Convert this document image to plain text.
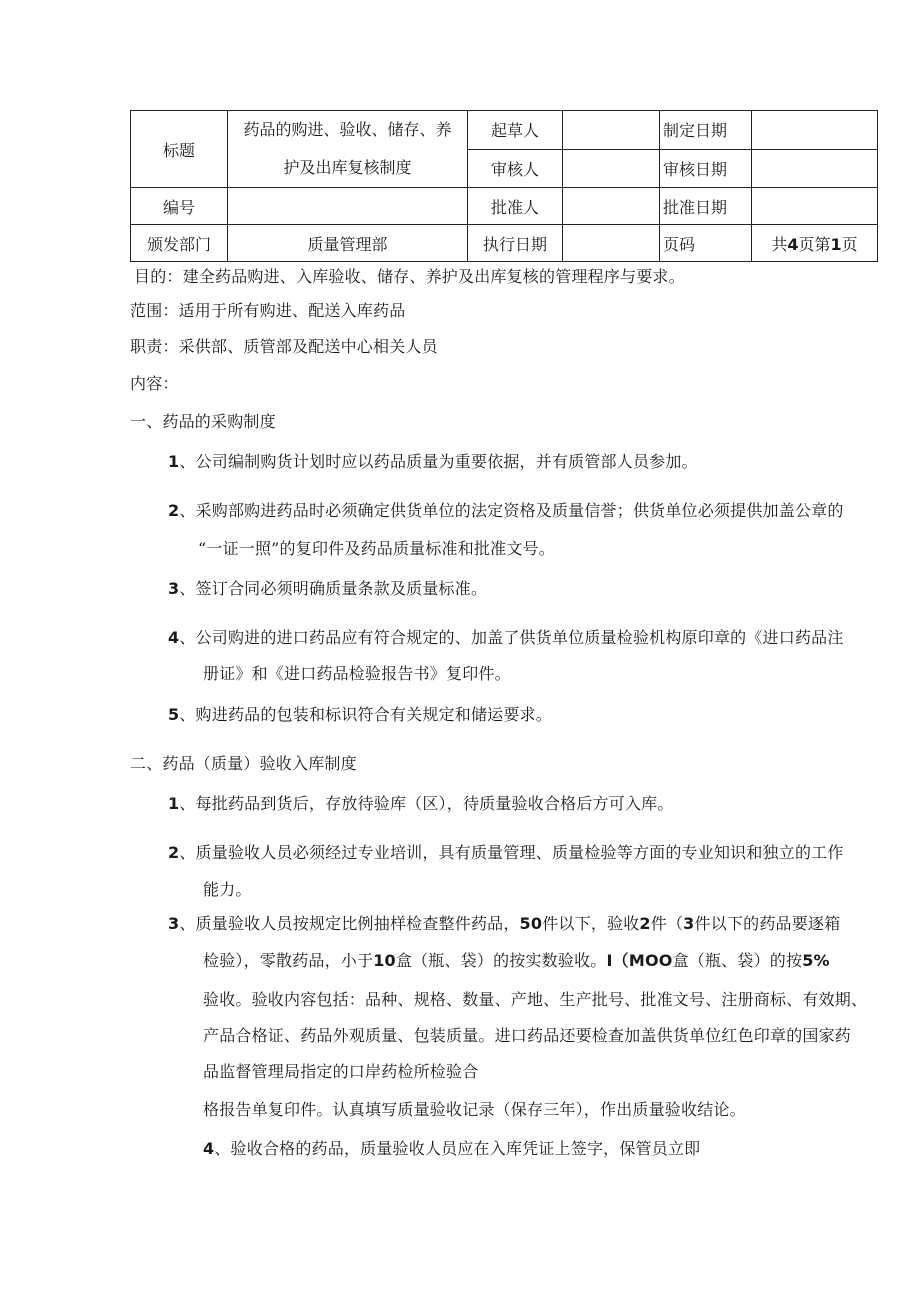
标题	药品的购进、验收、储存、养
护及出库复核制度	起草人		制定日期	
		审核人		审核日期	
编号		批准人		批准日期	
颁发部门	质量管理部	执行日期		页码	共4页第1页
目的：建全药品购进、入库验收、储存、养护及出库复核的管理程序与要求。
范围：适用于所有购进、配送入库药品
职责：采供部、质管部及配送中心相关人员
内容：
一、药品的采购制度
1、公司编制购货计划时应以药品质量为重要依据，并有质管部人员参加。
2、采购部购进药品时必须确定供货单位的法定资格及质量信誉；供货单位必须提供加盖公章的
“一证一照”的复印件及药品质量标准和批准文号。
3、签订合同必须明确质量条款及质量标准。
4、公司购进的进口药品应有符合规定的、加盖了供货单位质量检验机构原印章的《进口药品注
册证》和《进口药品检验报告书》复印件。
5、购进药品的包装和标识符合有关规定和储运要求。
二、药品（质量）验收入库制度
1、每批药品到货后，存放待验库（区），待质量验收合格后方可入库。
2、质量验收人员必须经过专业培训，具有质量管理、质量检验等方面的专业知识和独立的工作
能力。
3、质量验收人员按规定比例抽样检查整件药品，50件以下，验收2件（3件以下的药品要逐箱
检验），零散药品，小于10盒（瓶、袋）的按实数验收。I（MOO盒（瓶、袋）的按5%
验收。验收内容包括：品种、规格、数量、产地、生产批号、批准文号、注册商标、有效期、
产品合格证、药品外观质量、包装质量。进口药品还要检查加盖供货单位红色印章的国家药
品监督管理局指定的口岸药检所检验合
格报告单复印件。认真填写质量验收记录（保存三年），作出质量验收结论。
4、验收合格的药品，质量验收人员应在入库凭证上签字，保管员立即
